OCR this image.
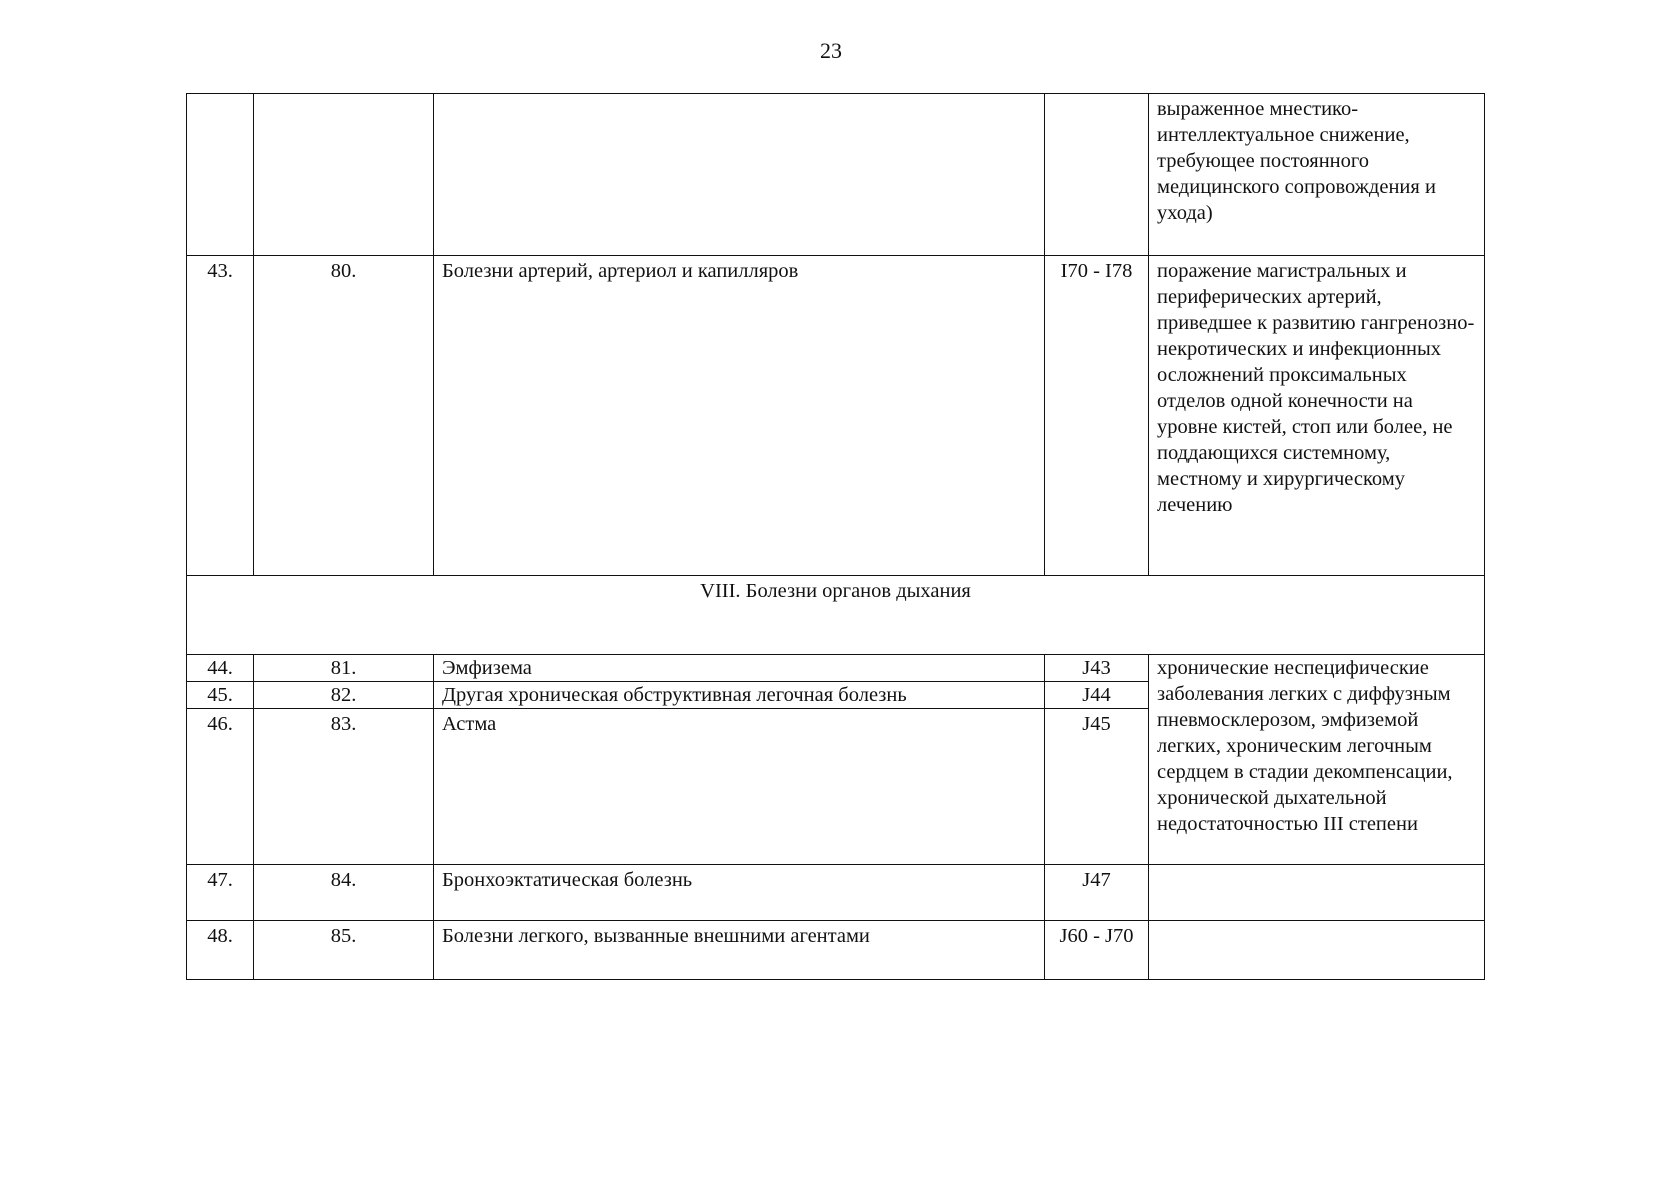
23
				выраженное мнестико-интеллектуальное снижение, требующее постоянного медицинского сопровождения и ухода)
43.	80.	Болезни артерий, артериол и капилляров	I70 - I78	поражение магистральных и периферических артерий, приведшее к развитию гангренозно-некротических и инфекционных осложнений проксимальных отделов одной конечности на уровне кистей, стоп или более, не поддающихся системному, местному и хирургическому лечению
VIII. Болезни органов дыхания				
44.	81.	Эмфизема	J43	хронические неспецифические заболевания легких с диффузным пневмосклерозом, эмфиземой легких, хроническим легочным сердцем в стадии декомпенсации, хронической дыхательной недостаточностью III степени
45.	82.	Другая хроническая обструктивная легочная болезнь	J44	
46.	83.	Астма	J45	
47.	84.	Бронхоэктатическая болезнь	J47	
48.	85.	Болезни легкого, вызванные внешними агентами	J60 - J70	
